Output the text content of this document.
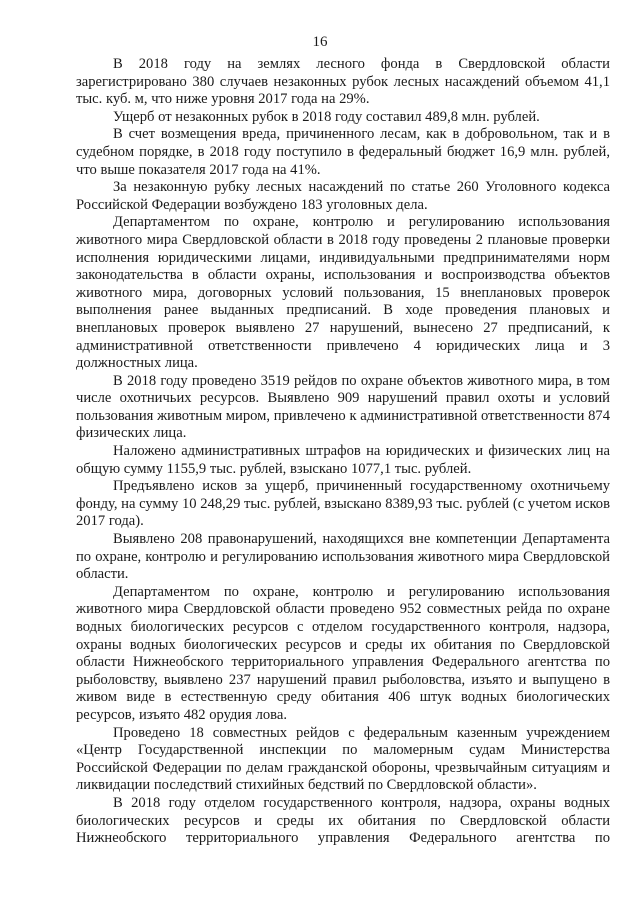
16

В 2018 году на землях лесного фонда в Свердловской области зарегистрировано 380 случаев незаконных рубок лесных насаждений объемом 41,1 тыс. куб. м, что ниже уровня 2017 года на 29%.

Ущерб от незаконных рубок в 2018 году составил 489,8 млн. рублей.

В счет возмещения вреда, причиненного лесам, как в добровольном, так и в судебном порядке, в 2018 году поступило в федеральный бюджет 16,9 млн. рублей, что выше показателя 2017 года на 41%.

За незаконную рубку лесных насаждений по статье 260 Уголовного кодекса Российской Федерации возбуждено 183 уголовных дела.

Департаментом по охране, контролю и регулированию использования животного мира Свердловской области в 2018 году проведены 2 плановые проверки исполнения юридическими лицами, индивидуальными предпринимателями норм законодательства в области охраны, использования и воспроизводства объектов животного мира, договорных условий пользования, 15 внеплановых проверок выполнения ранее выданных предписаний. В ходе проведения плановых и внеплановых проверок выявлено 27 нарушений, вынесено 27 предписаний, к административной ответственности привлечено 4 юридических лица и 3 должностных лица.

В 2018 году проведено 3519 рейдов по охране объектов животного мира, в том числе охотничьих ресурсов. Выявлено 909 нарушений правил охоты и условий пользования животным миром, привлечено к административной ответственности 874 физических лица.

Наложено административных штрафов на юридических и физических лиц на общую сумму 1155,9 тыс. рублей, взыскано 1077,1 тыс. рублей.

Предъявлено исков за ущерб, причиненный государственному охотничьему фонду, на сумму 10 248,29 тыс. рублей, взыскано 8389,93 тыс. рублей (с учетом исков 2017 года).

Выявлено 208 правонарушений, находящихся вне компетенции Департамента по охране, контролю и регулированию использования животного мира Свердловской области.

Департаментом по охране, контролю и регулированию использования животного мира Свердловской области проведено 952 совместных рейда по охране водных биологических ресурсов с отделом государственного контроля, надзора, охраны водных биологических ресурсов и среды их обитания по Свердловской области Нижнеобского территориального управления Федерального агентства по рыболовству, выявлено 237 нарушений правил рыболовства, изъято и выпущено в живом виде в естественную среду обитания 406 штук водных биологических ресурсов, изъято 482 орудия лова.

Проведено 18 совместных рейдов с федеральным казенным учреждением «Центр Государственной инспекции по маломерным судам Министерства Российской Федерации по делам гражданской обороны, чрезвычайным ситуациям и ликвидации последствий стихийных бедствий по Свердловской области».

В 2018 году отделом государственного контроля, надзора, охраны водных биологических ресурсов и среды их обитания по Свердловской области Нижнеобского территориального управления Федерального агентства по
